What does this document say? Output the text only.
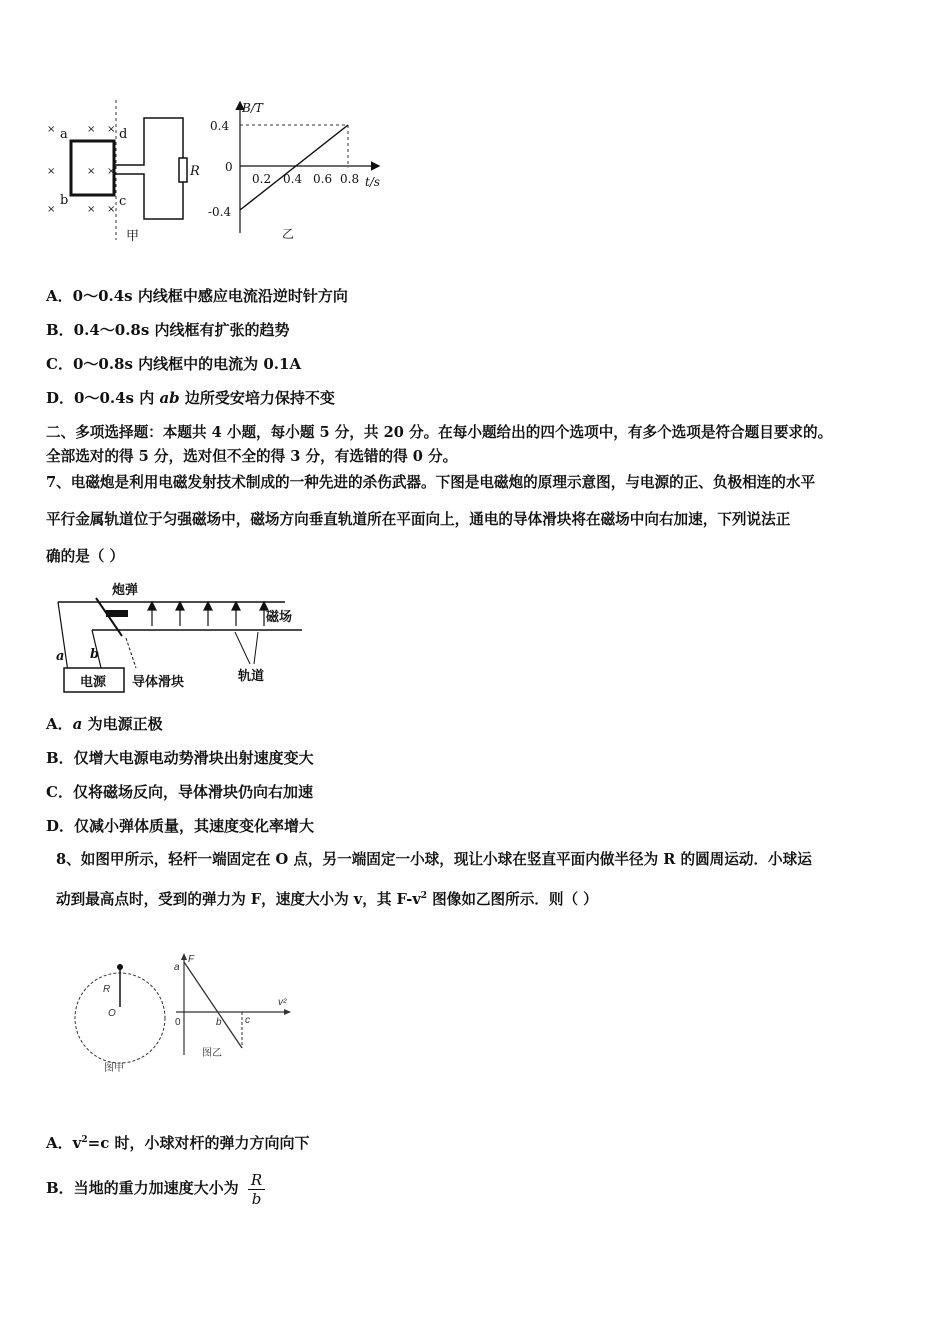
×	× ×
×	× ×
×	× ×
a
b	c
d
R
甲
B/T
t/s
0.4
0
-0.4
0.2 0.4 0.6 0.8
乙
A．0～0.4s 内线框中感应电流沿逆时针方向
B．0.4～0.8s 内线框有扩张的趋势
C．0～0.8s 内线框中的电流为 0.1A
D．0～0.4s 内 ab 边所受安培力保持不变
二、多项选择题：本题共 4 小题，每小题 5 分，共 20 分。在每小题给出的四个选项中，有多个选项是符合题目要求的。
全部选对的得 5 分，选对但不全的得 3 分，有选错的得 0 分。
7、电磁炮是利用电磁发射技术制成的一种先进的杀伤武器。下图是电磁炮的原理示意图，与电源的正、负极相连的水平
平行金属轨道位于匀强磁场中，磁场方向垂直轨道所在平面向上，通电的导体滑块将在磁场中向右加速，下列说法正
确的是（ ）
炮弹
磁场
a b
电源 导体滑块	轨道
A．a 为电源正极
B．仅增大电源电动势滑块出射速度变大
C．仅将磁场反向，导体滑块仍向右加速
D．仅减小弹体质量，其速度变化率增大
8、如图甲所示，轻杆一端固定在 O 点，另一端固定一小球，现让小球在竖直平面内做半径为 R 的圆周运动．小球运
动到最高点时，受到的弹力为 F，速度大小为 v，其 $F-v^2$ 图像如乙图所示．则（ ）
R
O
图甲
F
a
v²
0	b c
图乙
A．$v^2=c$ 时，小球对杆的弹力方向向下
B．当地的重力加速度大小为 $\frac{R}{b}$
